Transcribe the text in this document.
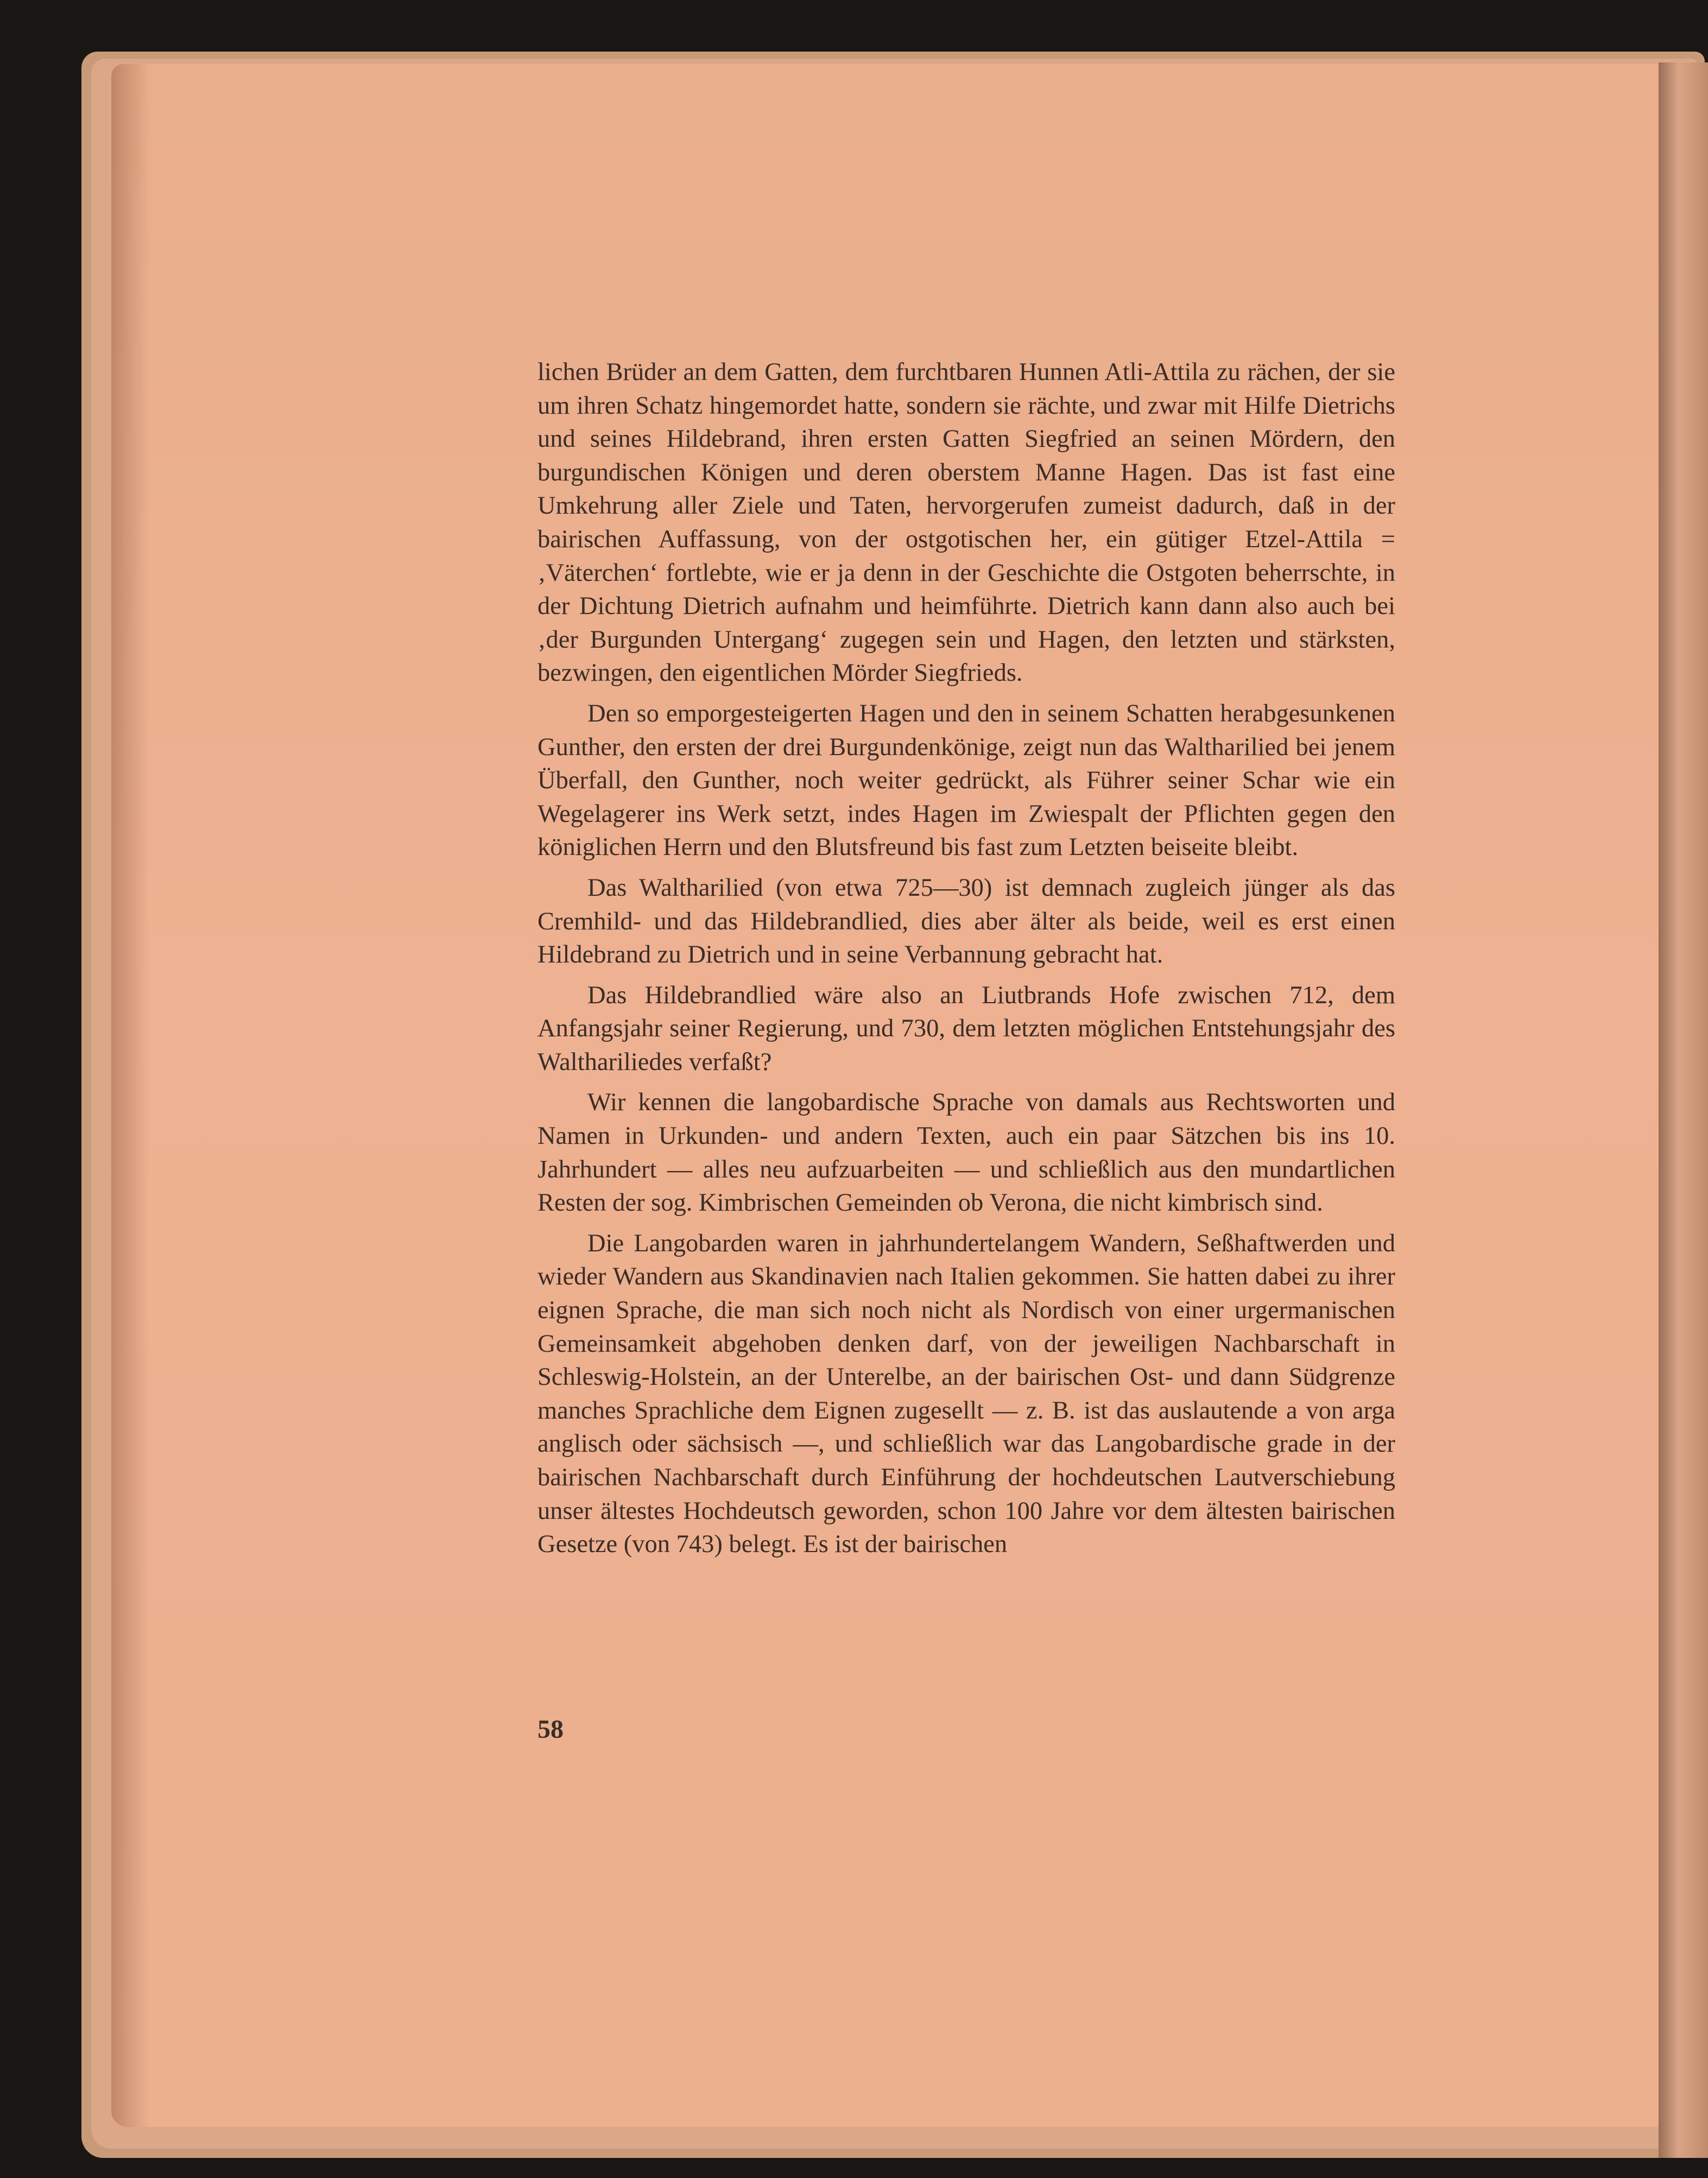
lichen Brüder an dem Gatten, dem furchtbaren Hunnen Atli-Attila zu rächen, der sie um ihren Schatz hingemordet hatte, sondern sie rächte, und zwar mit Hilfe Dietrichs und seines Hildebrand, ihren ersten Gatten Siegfried an seinen Mördern, den burgundischen Königen und deren oberstem Manne Hagen. Das ist fast eine Umkehrung aller Ziele und Taten, hervorgerufen zumeist dadurch, daß in der bairischen Auffassung, von der ostgotischen her, ein gütiger Etzel-Attila = ‚Väterchen‘ fortlebte, wie er ja denn in der Geschichte die Ostgoten beherrschte, in der Dichtung Dietrich aufnahm und heimführte. Dietrich kann dann also auch bei ‚der Burgunden Untergang‘ zugegen sein und Hagen, den letzten und stärksten, bezwingen, den eigentlichen Mörder Siegfrieds.

Den so emporgesteigerten Hagen und den in seinem Schatten herabgesunkenen Gunther, den ersten der drei Burgundenkönige, zeigt nun das Waltharilied bei jenem Überfall, den Gunther, noch weiter gedrückt, als Führer seiner Schar wie ein Wegelagerer ins Werk setzt, indes Hagen im Zwiespalt der Pflichten gegen den königlichen Herrn und den Blutsfreund bis fast zum Letzten beiseite bleibt.

Das Waltharilied (von etwa 725—30) ist demnach zugleich jünger als das Cremhild- und das Hildebrandlied, dies aber älter als beide, weil es erst einen Hildebrand zu Dietrich und in seine Verbannung gebracht hat.

Das Hildebrandlied wäre also an Liutbrands Hofe zwischen 712, dem Anfangsjahr seiner Regierung, und 730, dem letzten möglichen Entstehungsjahr des Walthariliedes verfaßt?

Wir kennen die langobardische Sprache von damals aus Rechtsworten und Namen in Urkunden- und andern Texten, auch ein paar Sätzchen bis ins 10. Jahrhundert — alles neu aufzuarbeiten — und schließlich aus den mundartlichen Resten der sog. Kimbrischen Gemeinden ob Verona, die nicht kimbrisch sind.

Die Langobarden waren in jahrhundertelangem Wandern, Seßhaftwerden und wieder Wandern aus Skandinavien nach Italien gekommen. Sie hatten dabei zu ihrer eignen Sprache, die man sich noch nicht als Nordisch von einer urgermanischen Gemeinsamkeit abgehoben denken darf, von der jeweiligen Nachbarschaft in Schleswig-Holstein, an der Unterelbe, an der bairischen Ost- und dann Südgrenze manches Sprachliche dem Eignen zugesellt — z. B. ist das auslautende a von arga anglisch oder sächsisch —, und schließlich war das Langobardische grade in der bairischen Nachbarschaft durch Einführung der hochdeutschen Lautverschiebung unser ältestes Hochdeutsch geworden, schon 100 Jahre vor dem ältesten bairischen Gesetze (von 743) belegt. Es ist der bairischen

58
